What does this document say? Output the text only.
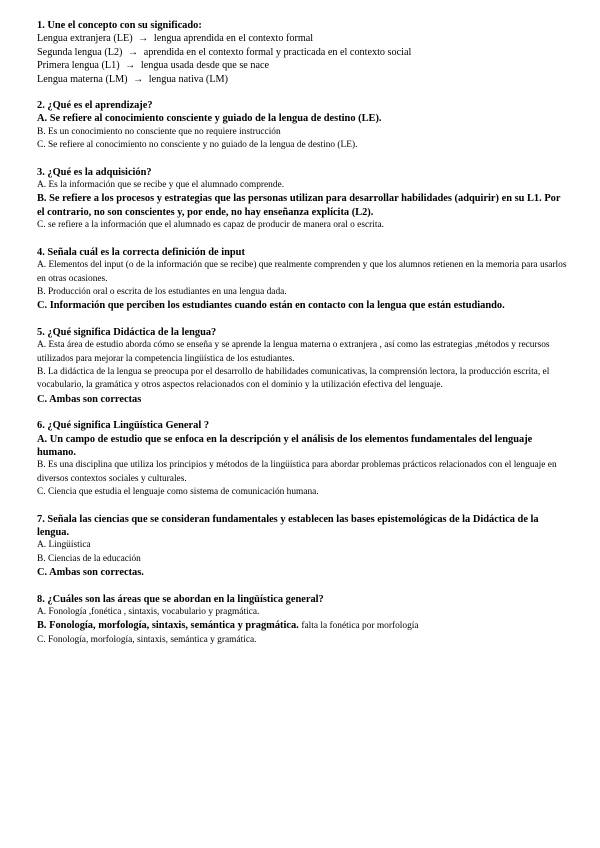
1. Une el concepto con su significado:
Lengua extranjera (LE) → lengua aprendida en el contexto formal
Segunda lengua (L2) → aprendida en el contexto formal y practicada en el contexto social
Primera lengua (L1) → lengua usada desde que se nace
Lengua materna (LM) → lengua nativa (LM)
2. ¿Qué es el aprendizaje?
A. Se refiere al conocimiento consciente y guiado de la lengua de destino (LE).
B. Es un conocimiento no consciente que no requiere instrucción
C. Se refiere al conocimiento no consciente y no guiado de la lengua de destino (LE).
3. ¿Qué es la adquisición?
A. Es la información que se recibe y que el alumnado comprende.
B. Se refiere a los procesos y estrategias que las personas utilizan para desarrollar habilidades (adquirir) en su L1. Por el contrario, no son conscientes y, por ende, no hay enseñanza explícita (L2).
C. se refiere a la información que el alumnado es capaz de producir de manera oral o escrita.
4. Señala cuál es la correcta definición de input
A. Elementos del input (o de la información que se recibe) que realmente comprenden y que los alumnos retienen en la memoria para usarlos en otras ocasiones.
B. Producción oral o escrita de los estudiantes en una lengua dada.
C. Información que perciben los estudiantes cuando están en contacto con la lengua que están estudiando.
5. ¿Qué significa Didáctica de la lengua?
A. Esta área de estudio aborda cómo se enseña y se aprende la lengua materna o extranjera , así como las estrategias ,métodos y recursos utilizados para mejorar la competencia lingüística de los estudiantes.
B. La didáctica de la lengua se preocupa por el desarrollo de habilidades comunicativas, la comprensión lectora, la producción escrita, el vocabulario, la gramática y otros aspectos relacionados con el dominio y la utilización efectiva del lenguaje.
C. Ambas son correctas
6. ¿Qué significa Lingüística General ?
A. Un campo de estudio que se enfoca en la descripción y el análisis de los elementos fundamentales del lenguaje humano.
B. Es una disciplina que utiliza los principios y métodos de la lingüística para abordar problemas prácticos relacionados con el lenguaje en diversos contextos sociales y culturales.
C. Ciencia que estudia el lenguaje como sistema de comunicación humana.
7. Señala las ciencias que se consideran fundamentales y establecen las bases epistemológicas de la Didáctica de la lengua.
A. Lingüística
B. Ciencias de la educación
C. Ambas son correctas.
8. ¿Cuáles son las áreas que se abordan en la lingüística general?
A. Fonología ,fonética , sintaxis, vocabulario y pragmática.
B. Fonología, morfología, sintaxis, semántica y pragmática. falta la fonética por morfología
C. Fonología, morfología, sintaxis, semántica y gramática.
